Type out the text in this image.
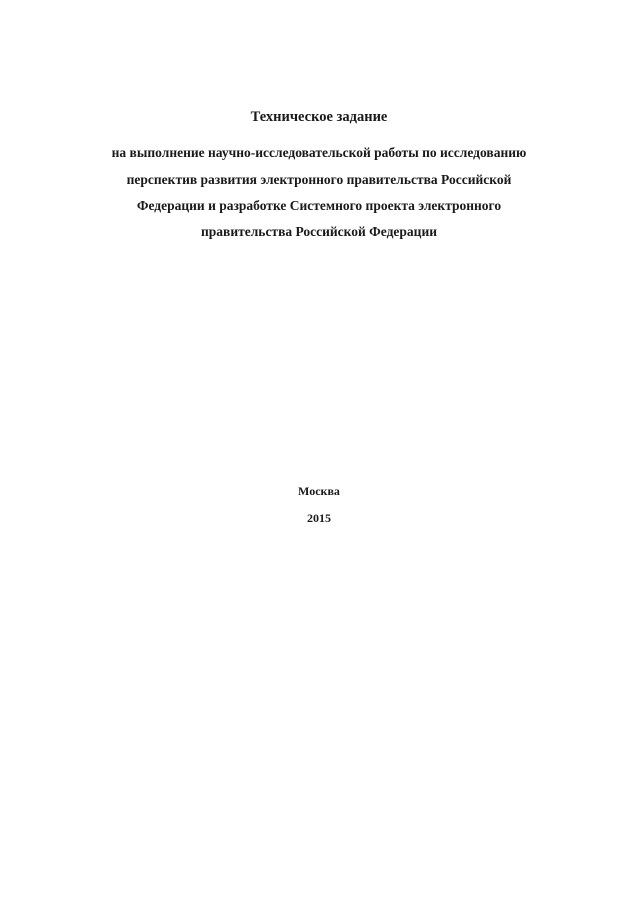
Техническое задание
на выполнение научно-исследовательской работы по исследованию
перспектив развития электронного правительства Российской
Федерации и разработке Системного проекта электронного
правительства Российской Федерации
Москва
2015
